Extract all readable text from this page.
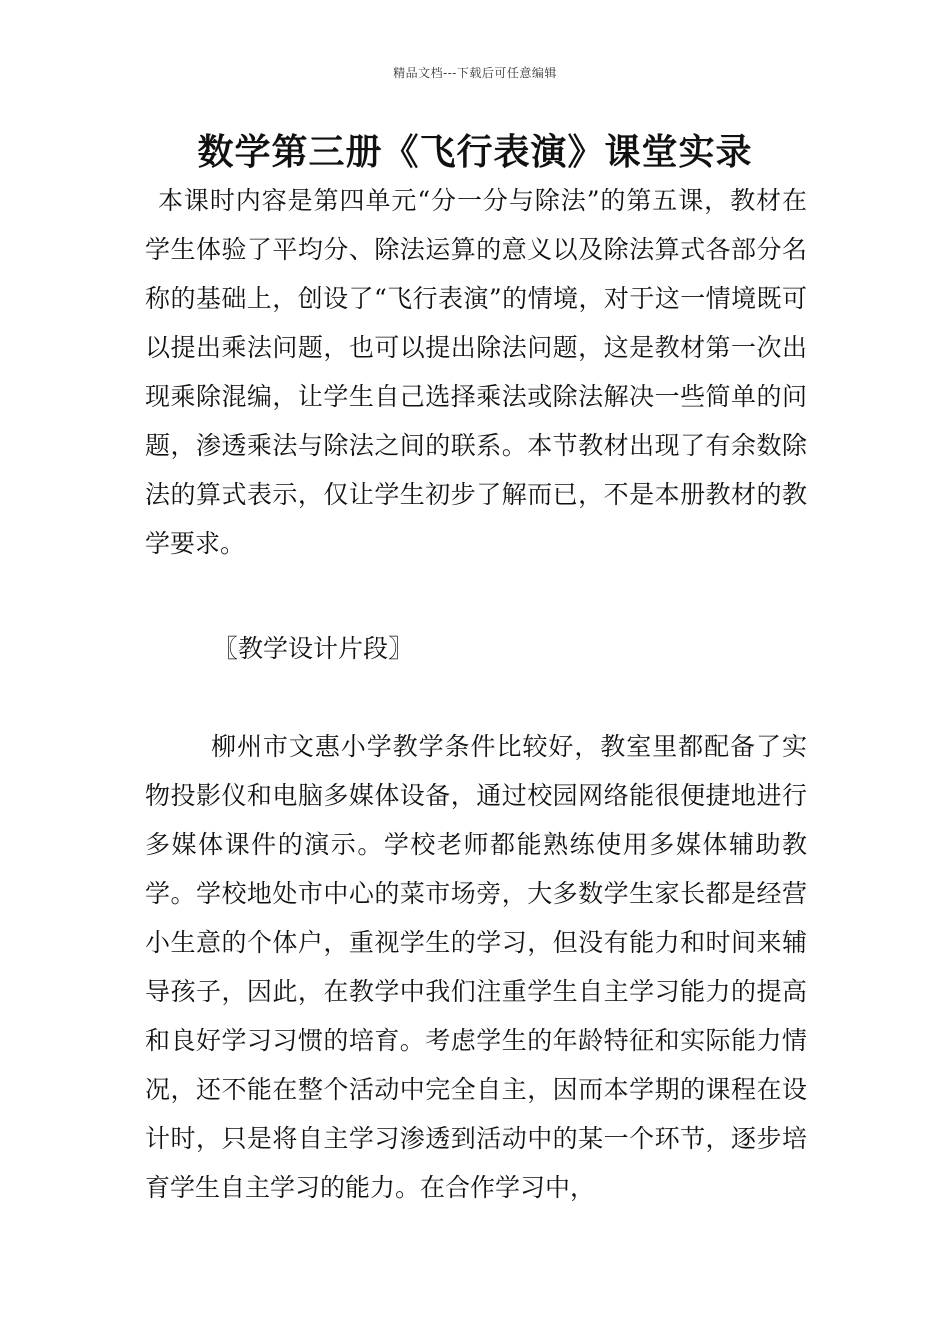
精品文档---下载后可任意编辑
数学第三册《飞行表演》课堂实录
本课时内容是第四单元“分一分与除法”的第五课，教材在学生体验了平均分、除法运算的意义以及除法算式各部分名称的基础上，创设了“飞行表演”的情境，对于这一情境既可以提出乘法问题，也可以提出除法问题，这是教材第一次出现乘除混编，让学生自己选择乘法或除法解决一些简单的问题，渗透乘法与除法之间的联系。本节教材出现了有余数除法的算式表示，仅让学生初步了解而已，不是本册教材的教学要求。
〖教学设计片段〗
柳州市文惠小学教学条件比较好，教室里都配备了实物投影仪和电脑多媒体设备，通过校园网络能很便捷地进行多媒体课件的演示。学校老师都能熟练使用多媒体辅助教学。学校地处市中心的菜市场旁，大多数学生家长都是经营小生意的个体户，重视学生的学习，但没有能力和时间来辅导孩子，因此，在教学中我们注重学生自主学习能力的提高和良好学习习惯的培育。考虑学生的年龄特征和实际能力情况，还不能在整个活动中完全自主，因而本学期的课程在设计时，只是将自主学习渗透到活动中的某一个环节，逐步培育学生自主学习的能力。在合作学习中，
